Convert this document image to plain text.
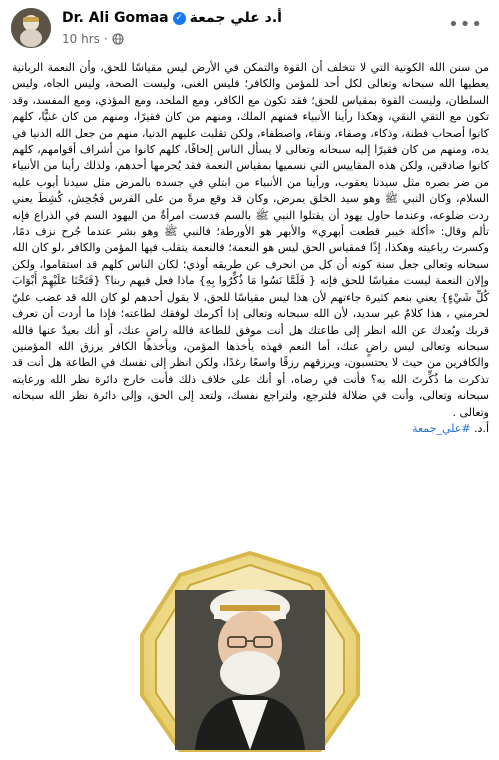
Dr. Ali Gomaa ✓ أ.د علي جمعة
10 hrs ·
•••

من سنن الله الكونية التي لا تتخلف أن القوة والتمكن في الأرض ليس مقياسًا للحق، وأن النعمة الربانية يعطيها الله سبحانه وتعالى لكل أحد للمؤمن والكافر؛ فليس الغنى، وليست الصحة، وليس الجاه، وليس السلطان، وليست القوة بمقياس للحق؛ فقد تكون مع الكافر، ومع الملحد، ومع المؤذي، ومع المفسد، وقد تكون مع التقي النقي، وهكذا رأينا الأنبياء فمنهم الملك، ومنهم من كان فقيرًا، ومنهم من كان غنيًّا، كلهم كانوا أصحاب فطنة، وذكاء، وصفاء، ونقاء، واصطفاء، ولكن تقلبت عليهم الدنيا، منهم من جعل الله الدنيا في يده، ومنهم من كان فقيرًا إليه سبحانه وتعالى لا يسأل الناس إلحافًا، كلهم كانوا من أشراف أقوامهم، كلهم كانوا صادقين، ولكن هذه المقاييس التي نسميها بمقياس النعمة فقد يُحرمها أحدهم، ولذلك رأينا من الأنبياء من ضر بصره مثل سيدنا يعقوب، ورأينا من الأنبياء من ابتلي في جسده بالمرض مثل سيدنا أيوب عليه السلام، وكان النبي ﷺ وهو سيد الخلق يمرض، وكان قد وقع مرةً من على الفرس فَجُحِش، كُشِطَ يعني ردت ضلوعه، وعندما حاول يهود أن يقتلوا النبي ﷺ بالسم فدست امرأةٌ من اليهود السم في الذراع فإنه تألم وقال: «أكلة خيبر قطعت أبهري» والأبهر هو الأورطة؛ فالنبي ﷺ وهو بشر عندما جُرح نزف دمًا، وكسرت رباعيته وهكذا، إذًا فمقياس الحق ليس هو النعمة؛ فالنعمة يتقلب فيها المؤمن والكافر ،لو كان الله سبحانه وتعالى جعل سنة كونه أن كل من انحرف عن طريقه أوذي؛ لكان الناس كلهم قد استقاموا، ولكن وإلان النعمة ليست مقياسًا للحق فإنه { فَلَمَّا نَسُوا مَا ذُكِّرُوا بِهِ} ماذا فعل فيهم ربنا؟ {فَتَحْنَا عَلَيْهِمْ أَبْوَابَ كُلِّ شَيْءٍ} يعني بنعم كثيرة جاءتهم لأن هذا ليس مقياسًا للحق، لا يقول أحدهم لو كان الله قد غضب عليّ لحرمني ، هذا كلامٌ غير سديد، لأن الله سبحانه وتعالى إذا أكرمك لوفقك لطاعته؛ فإذا ما أردت أن تعرف قربك وبُعدك عن الله انظر إلى طاعتك هل أنت موفق للطاعة فالله راضٍ عنك، أو أنك بعيدٌ عنها فالله سبحانه وتعالى ليس راضٍ عنك، أما النعم فهذه يأخذها المؤمن، ويأخذها الكافر يرزق الله المؤمنين والكافرين من حيث لا يحتسبون، ويرزقهم رزقًا واسعًا رغدًا، ولكن انظر إلى نفسك في الطاعة هل أنت قد تذكرت ما ذُكِّرتَ الله به؟ فأنت في رضاه، أو أنك على خلاف ذلك فأنت خارج دائرة نظر الله ورعايته سبحانه وتعالى، وأنت في ضلالة فلترجع، ولتراجع نفسك، ولتعد إلى الحق، وإلى دائرة نظر الله سبحانه وتعالى .

أ.د. #علي_جمعة
